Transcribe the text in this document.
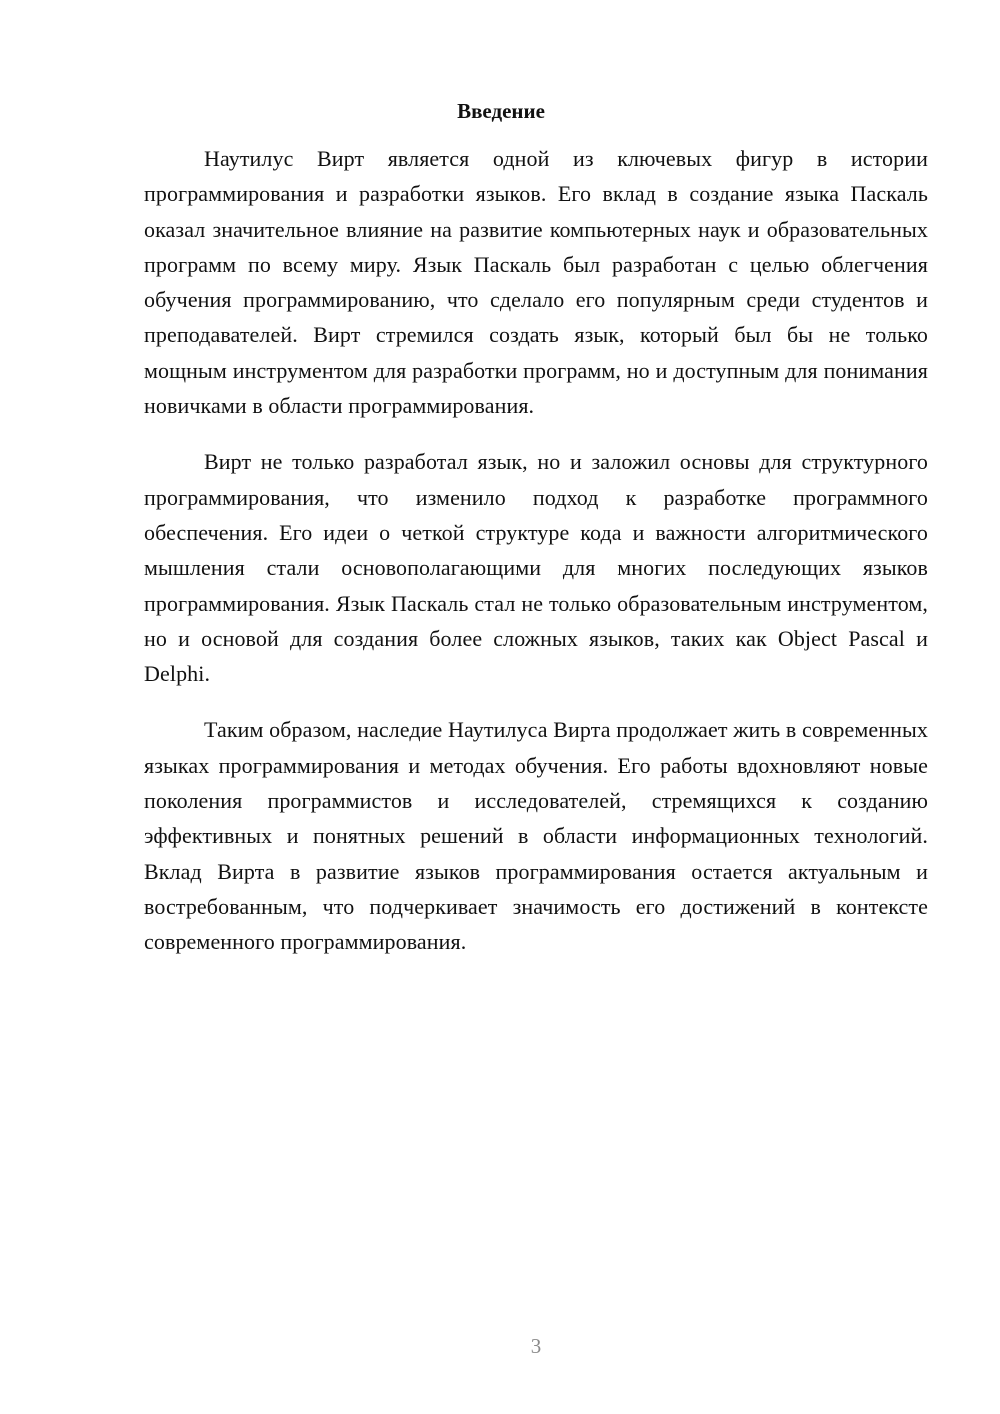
Введение

Наутилус Вирт является одной из ключевых фигур в истории программирования и разработки языков. Его вклад в создание языка Паскаль оказал значительное влияние на развитие компьютерных наук и образовательных программ по всему миру. Язык Паскаль был разработан с целью облегчения обучения программированию, что сделало его популярным среди студентов и преподавателей. Вирт стремился создать язык, который был бы не только мощным инструментом для разработки программ, но и доступным для понимания новичками в области программирования.

Вирт не только разработал язык, но и заложил основы для структурного программирования, что изменило подход к разработке программного обеспечения. Его идеи о четкой структуре кода и важности алгоритмического мышления стали основополагающими для многих последующих языков программирования. Язык Паскаль стал не только образовательным инструментом, но и основой для создания более сложных языков, таких как Object Pascal и Delphi.

Таким образом, наследие Наутилуса Вирта продолжает жить в современных языках программирования и методах обучения. Его работы вдохновляют новые поколения программистов и исследователей, стремящихся к созданию эффективных и понятных решений в области информационных технологий. Вклад Вирта в развитие языков программирования остается актуальным и востребованным, что подчеркивает значимость его достижений в контексте современного программирования.

3
